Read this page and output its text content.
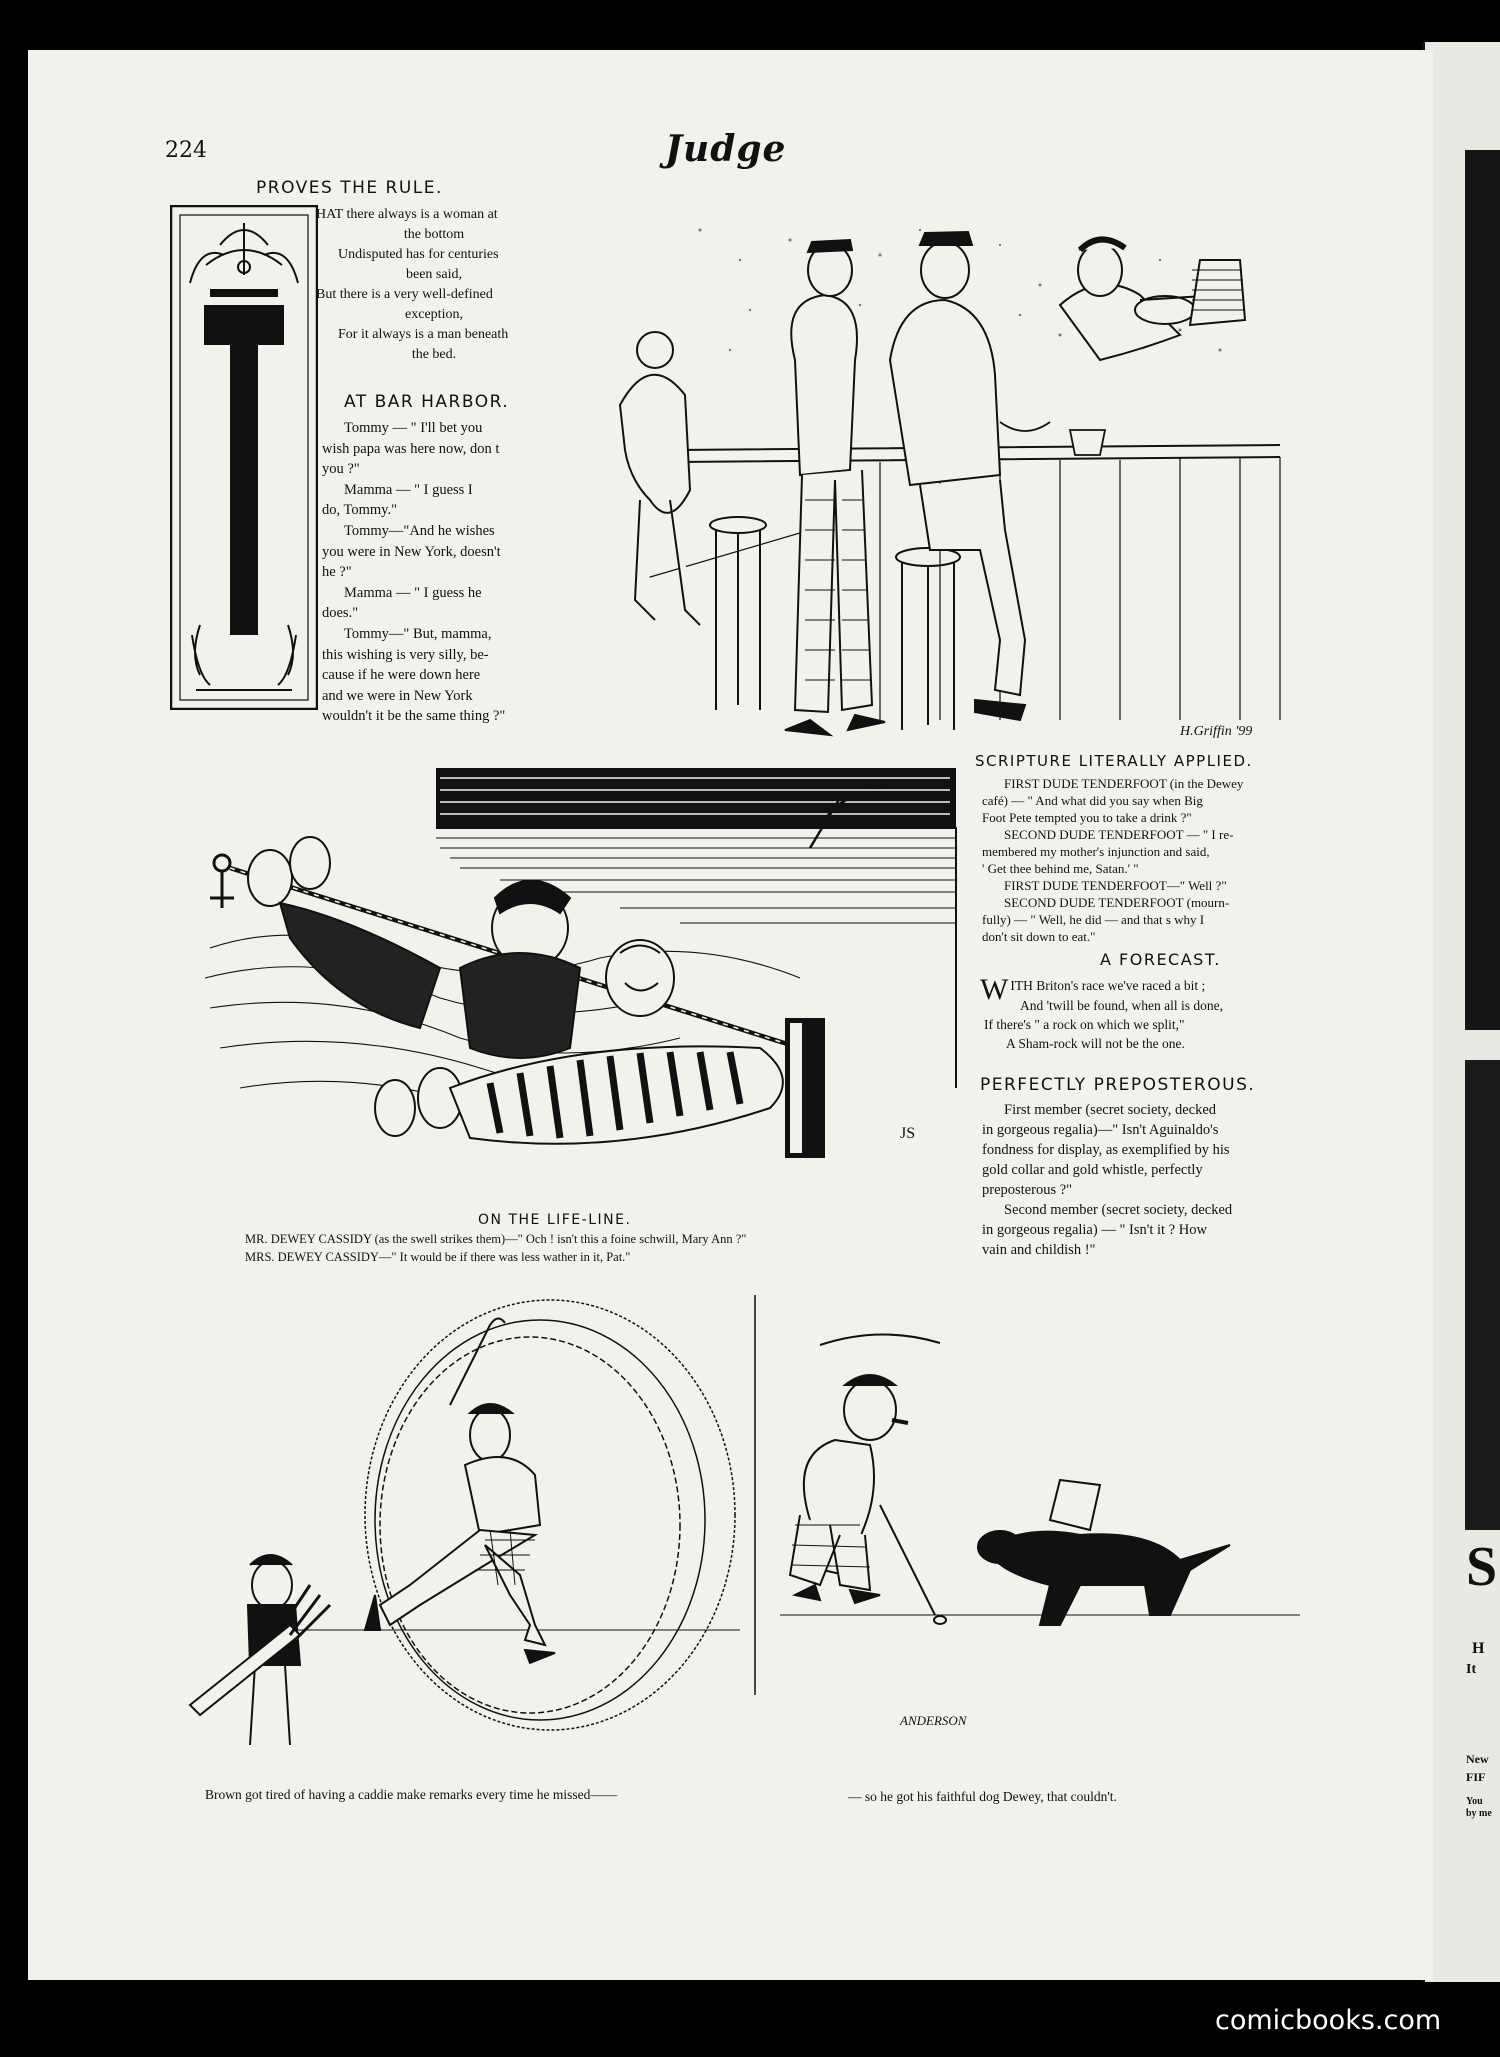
S
H
It
New
FIF
You
by me
224	Judge
PROVES THE RULE.

HAT there always is a woman at

the bottom

Undisputed has for centuries

been said,

But there is a very well-defined

exception,

For it always is a man beneath

the bed.

AT BAR HARBOR.

Tommy — " I'll bet you

wish papa was here now, don t

you ?"

Mamma — " I guess I

do, Tommy."

Tommy—"And he wishes

you were in New York, doesn't

he ?"

Mamma — " I guess he

does."

Tommy—" But, mamma,

this wishing is very silly, be-

cause if he were down here

and we were in New York

wouldn't it be the same thing ?"

H.Griffin '99
JS
SCRIPTURE LITERALLY APPLIED.

FIRST DUDE TENDERFOOT (in the Dewey

café) — " And what did you say when Big

Foot Pete tempted you to take a drink ?"

SECOND DUDE TENDERFOOT — " I re-

membered my mother's injunction and said,

' Get thee behind me, Satan.' "

FIRST DUDE TENDERFOOT—" Well ?"

SECOND DUDE TENDERFOOT (mourn-

fully) — " Well, he did — and that s why I

don't sit down to eat."

A FORECAST.
W ITH Briton's race we've raced a bit ;

And 'twill be found, when all is done,

If there's " a rock on which we split,"

A Sham-rock will not be the one.

PERFECTLY PREPOSTEROUS.

First member (secret society, decked

in gorgeous regalia)—" Isn't Aguinaldo's

fondness for display, as exemplified by his

gold collar and gold whistle, perfectly

preposterous ?"

Second member (secret society, decked

in gorgeous regalia) — " Isn't it ? How

vain and childish !"

ON THE LIFE-LINE.
MR. DEWEY CASSIDY (as the swell strikes them)—" Och ! isn't this a foine schwill, Mary Ann ?"
MRS. DEWEY CASSIDY—" It would be if there was less wather in it, Pat."
ANDERSON
Brown got tired of having a caddie make remarks every time he missed——	— so he got his faithful dog Dewey, that couldn't.
comicbooks.com
